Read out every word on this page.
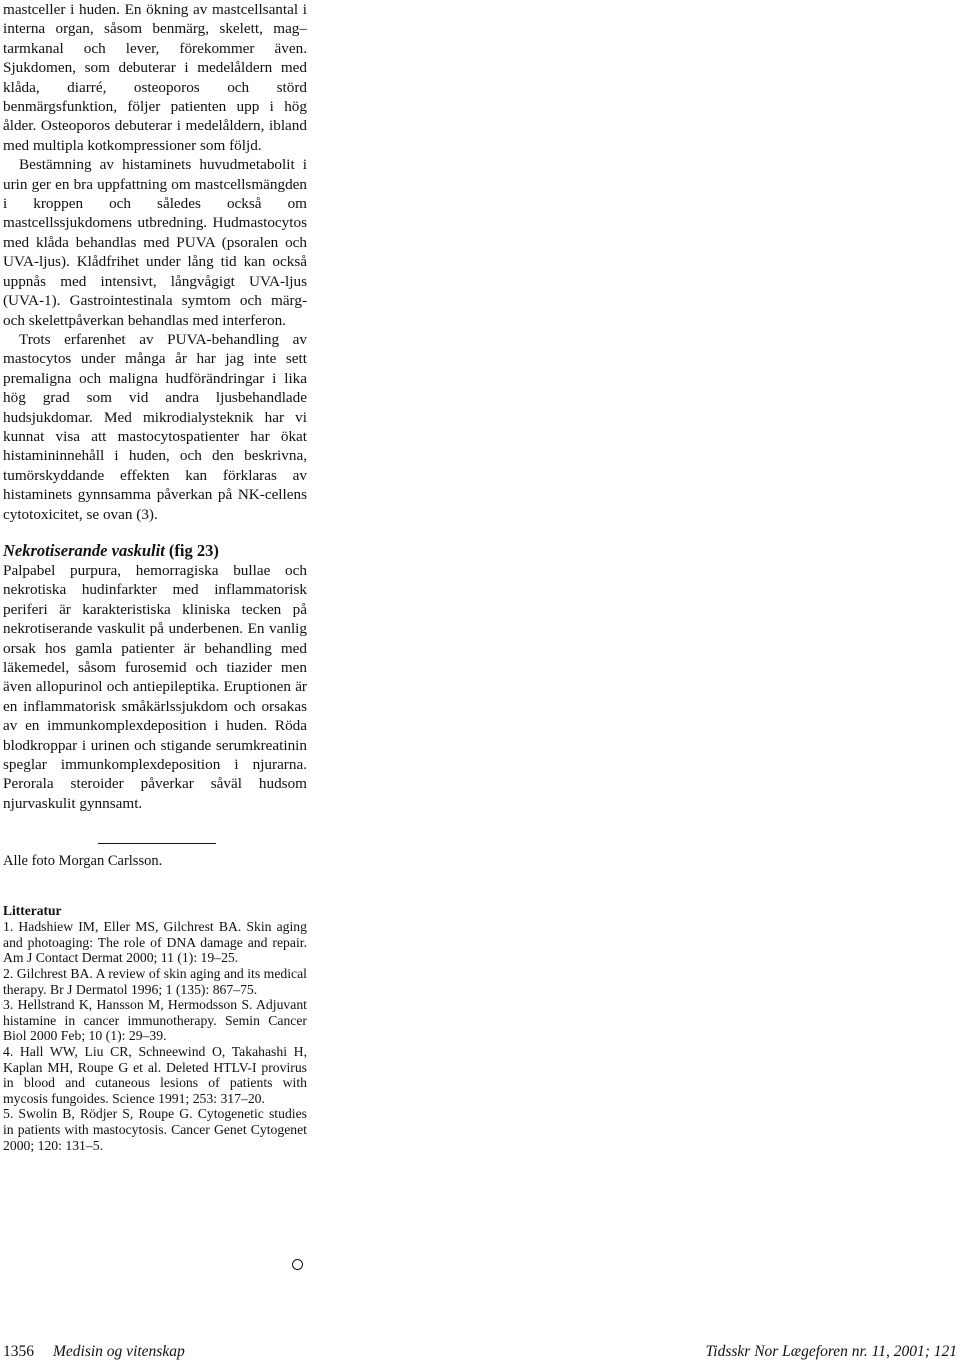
mastceller i huden. En ökning av mastcellsantal i interna organ, såsom benmärg, skelett, mag–tarmkanal och lever, förekommer även. Sjukdomen, som debuterar i medelåldern med klåda, diarré, osteoporos och störd benmärgsfunktion, följer patienten upp i hög ålder. Osteoporos debuterar i medelåldern, ibland med multipla kotkompressioner som följd.

Bestämning av histaminets huvudmetabolit i urin ger en bra uppfattning om mastcellsmängden i kroppen och således också om mastcellssjukdomens utbredning. Hudmastocytos med klåda behandlas med PUVA (psoralen och UVA-ljus). Klådfrihet under lång tid kan också uppnås med intensivt, långvågigt UVA-ljus (UVA-1). Gastrointestinala symtom och märg- och skelettpåverkan behandlas med interferon.

Trots erfarenhet av PUVA-behandling av mastocytos under många år har jag inte sett premaligna och maligna hudförändringar i lika hög grad som vid andra ljusbehandlade hudsjukdomar. Med mikrodialysteknik har vi kunnat visa att mastocytospatienter har ökat histamininnehåll i huden, och den beskrivna, tumörskyddande effekten kan förklaras av histaminets gynnsamma påverkan på NK-cellens cytotoxicitet, se ovan (3).

Nekrotiserande vaskulit (fig 23)

Palpabel purpura, hemorragiska bullae och nekrotiska hudinfarkter med inflammatorisk periferi är karakteristiska kliniska tecken på nekrotiserande vaskulit på underbenen. En vanlig orsak hos gamla patienter är behandling med läkemedel, såsom furosemid och tiazider men även allopurinol och antiepileptika. Eruptionen är en inflammatorisk småkärlssjukdom och orsakas av en immunkomplexdeposition i huden. Röda blodkroppar i urinen och stigande serumkreatinin speglar immunkomplexdeposition i njurarna. Perorala steroider påverkar såväl hudsom njurvaskulit gynnsamt.

Alle foto Morgan Carlsson.

Litteratur

1. Hadshiew IM, Eller MS, Gilchrest BA. Skin aging and photoaging: The role of DNA damage and repair. Am J Contact Dermat 2000; 11 (1): 19–25.

2. Gilchrest BA. A review of skin aging and its medical therapy. Br J Dermatol 1996; 1 (135): 867–75.

3. Hellstrand K, Hansson M, Hermodsson S. Adjuvant histamine in cancer immunotherapy. Semin Cancer Biol 2000 Feb; 10 (1): 29–39.

4. Hall WW, Liu CR, Schneewind O, Takahashi H, Kaplan MH, Roupe G et al. Deleted HTLV-I provirus in blood and cutaneous lesions of patients with mycosis fungoides. Science 1991; 253: 317–20.

5. Swolin B, Rödjer S, Roupe G. Cytogenetic studies in patients with mastocytosis. Cancer Genet Cytogenet 2000; 120: 131–5.

1356 Medisin og vitenskap	Tidsskr Nor Lægeforen nr. 11, 2001; 121
